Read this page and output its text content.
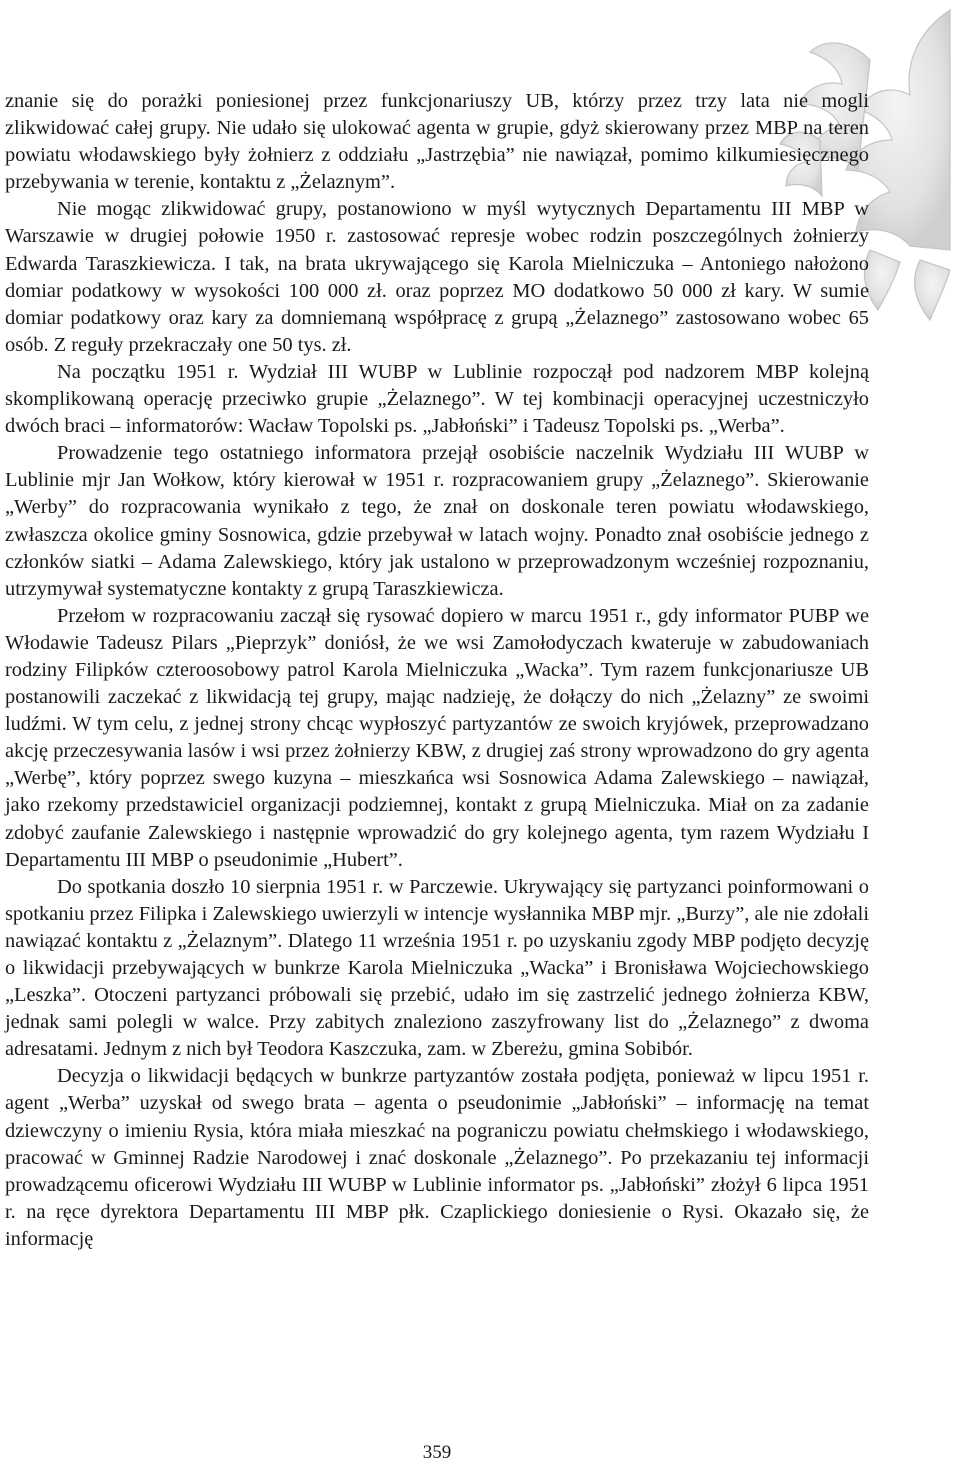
znanie się do porażki poniesionej przez funkcjonariuszy UB, którzy przez trzy lata nie mogli zlikwidować całej grupy. Nie udało się ulokować agenta w grupie, gdyż skierowany przez MBP na teren powiatu włodawskiego były żołnierz z oddziału „Jastrzębia” nie nawiązał, pomimo kilkumiesięcznego przebywania w terenie, kontaktu z „Żelaznym”.

Nie mogąc zlikwidować grupy, postanowiono w myśl wytycznych Departamentu III MBP w Warszawie w drugiej połowie 1950 r. zastosować represje wobec rodzin poszczególnych żołnierzy Edwarda Taraszkiewicza. I tak, na brata ukrywającego się Karola Mielniczuka – Antoniego nałożono domiar podatkowy w wysokości 100 000 zł. oraz poprzez MO dodatkowo 50 000 zł kary. W sumie domiar podatkowy oraz kary za domniemaną współpracę z grupą „Żelaznego” zastosowano wobec 65 osób. Z reguły przekraczały one 50 tys. zł.

Na początku 1951 r. Wydział III WUBP w Lublinie rozpoczął pod nadzorem MBP kolejną skomplikowaną operację przeciwko grupie „Żelaznego”. W tej kombinacji operacyjnej uczestniczyło dwóch braci – informatorów: Wacław Topolski ps. „Jabłoński” i Tadeusz Topolski ps. „Werba”.

Prowadzenie tego ostatniego informatora przejął osobiście naczelnik Wydziału III WUBP w Lublinie mjr Jan Wołkow, który kierował w 1951 r. rozpracowaniem grupy „Żelaznego”. Skierowanie „Werby” do rozpracowania wynikało z tego, że znał on doskonale teren powiatu włodawskiego, zwłaszcza okolice gminy Sosnowica, gdzie przebywał w latach wojny. Ponadto znał osobiście jednego z członków siatki – Adama Zalewskiego, który jak ustalono w przeprowadzonym wcześniej rozpoznaniu, utrzymywał systematyczne kontakty z grupą Taraszkiewicza.

Przełom w rozpracowaniu zaczął się rysować dopiero w marcu 1951 r., gdy informator PUBP we Włodawie Tadeusz Pilars „Pieprzyk” doniósł, że we wsi Zamołodyczach kwateruje w zabudowaniach rodziny Filipków czteroosobowy patrol Karola Mielniczuka „Wacka”. Tym razem funkcjonariusze UB postanowili zaczekać z likwidacją tej grupy, mając nadzieję, że dołączy do nich „Żelazny” ze swoimi ludźmi. W tym celu, z jednej strony chcąc wypłoszyć partyzantów ze swoich kryjówek, przeprowadzano akcję przeczesywania lasów i wsi przez żołnierzy KBW, z drugiej zaś strony wprowadzono do gry agenta „Werbę”, który poprzez swego kuzyna – mieszkańca wsi Sosnowica Adama Zalewskiego – nawiązał, jako rzekomy przedstawiciel organizacji podziemnej, kontakt z grupą Mielniczuka. Miał on za zadanie zdobyć zaufanie Zalewskiego i następnie wprowadzić do gry kolejnego agenta, tym razem Wydziału I Departamentu III MBP o pseudonimie „Hubert”.

Do spotkania doszło 10 sierpnia 1951 r. w Parczewie. Ukrywający się partyzanci poinformowani o spotkaniu przez Filipka i Zalewskiego uwierzyli w intencje wysłannika MBP mjr. „Burzy”, ale nie zdołali nawiązać kontaktu z „Żelaznym”. Dlatego 11 września 1951 r. po uzyskaniu zgody MBP podjęto decyzję o likwidacji przebywających w bunkrze Karola Mielniczuka „Wacka” i Bronisława Wojciechowskiego „Leszka”. Otoczeni partyzanci próbowali się przebić, udało im się zastrzelić jednego żołnierza KBW, jednak sami polegli w walce. Przy zabitych znaleziono zaszyfrowany list do „Żelaznego” z dwoma adresatami. Jednym z nich był Teodora Kaszczuka, zam. w Zbereżu, gmina Sobibór.

Decyzja o likwidacji będących w bunkrze partyzantów została podjęta, ponieważ w lipcu 1951 r. agent „Werba” uzyskał od swego brata – agenta o pseudonimie „Jabłoński” – informację na temat dziewczyny o imieniu Rysia, która miała mieszkać na pograniczu powiatu chełmskiego i włodawskiego, pracować w Gminnej Radzie Narodowej i znać doskonale „Żelaznego”. Po przekazaniu tej informacji prowadzącemu oficerowi Wydziału III WUBP w Lublinie informator ps. „Jabłoński” złożył 6 lipca 1951 r. na ręce dyrektora Departamentu III MBP płk. Czaplickiego doniesienie o Rysi. Okazało się, że informację

359
